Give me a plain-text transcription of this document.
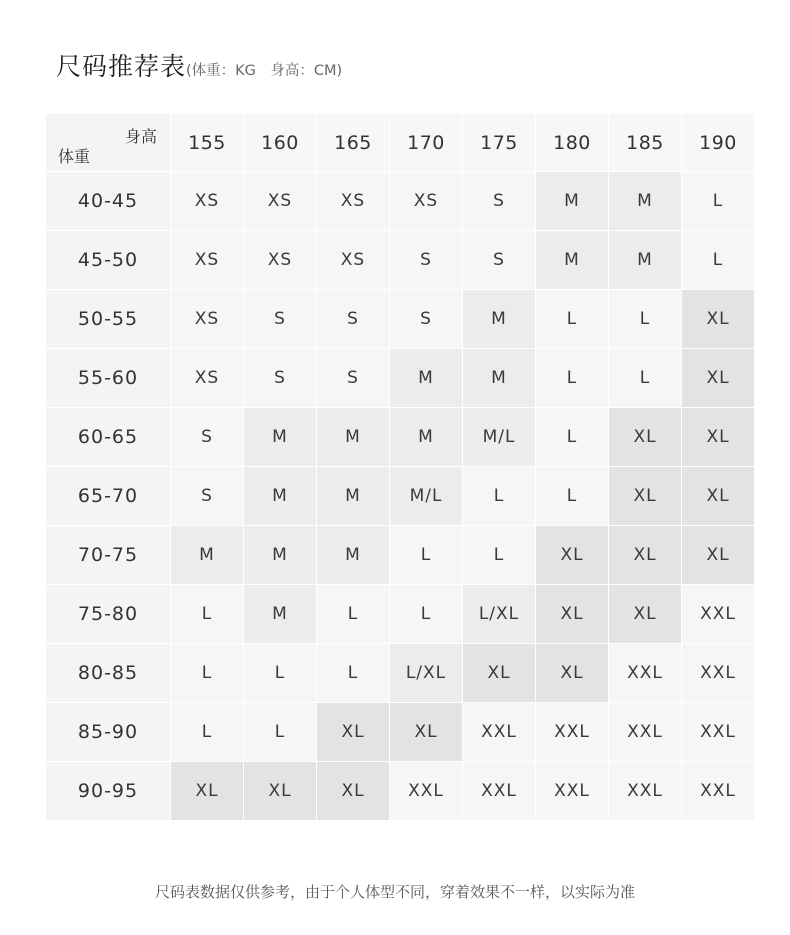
尺码推荐表(体重：KG　身高：CM)
身高
体重	155	160	165	170	175	180	185	190
40-45	XS	XS	XS	XS	S	M	M	L
45-50	XS	XS	XS	S	S	M	M	L
50-55	XS	S	S	S	M	L	L	XL
55-60	XS	S	S	M	M	L	L	XL
60-65	S	M	M	M	M/L	L	XL	XL
65-70	S	M	M	M/L	L	L	XL	XL
70-75	M	M	M	L	L	XL	XL	XL
75-80	L	M	L	L	L/XL	XL	XL	XXL
80-85	L	L	L	L/XL	XL	XL	XXL	XXL
85-90	L	L	XL	XL	XXL	XXL	XXL	XXL
90-95	XL	XL	XL	XXL	XXL	XXL	XXL	XXL
尺码表数据仅供参考，由于个人体型不同，穿着效果不一样，以实际为准
